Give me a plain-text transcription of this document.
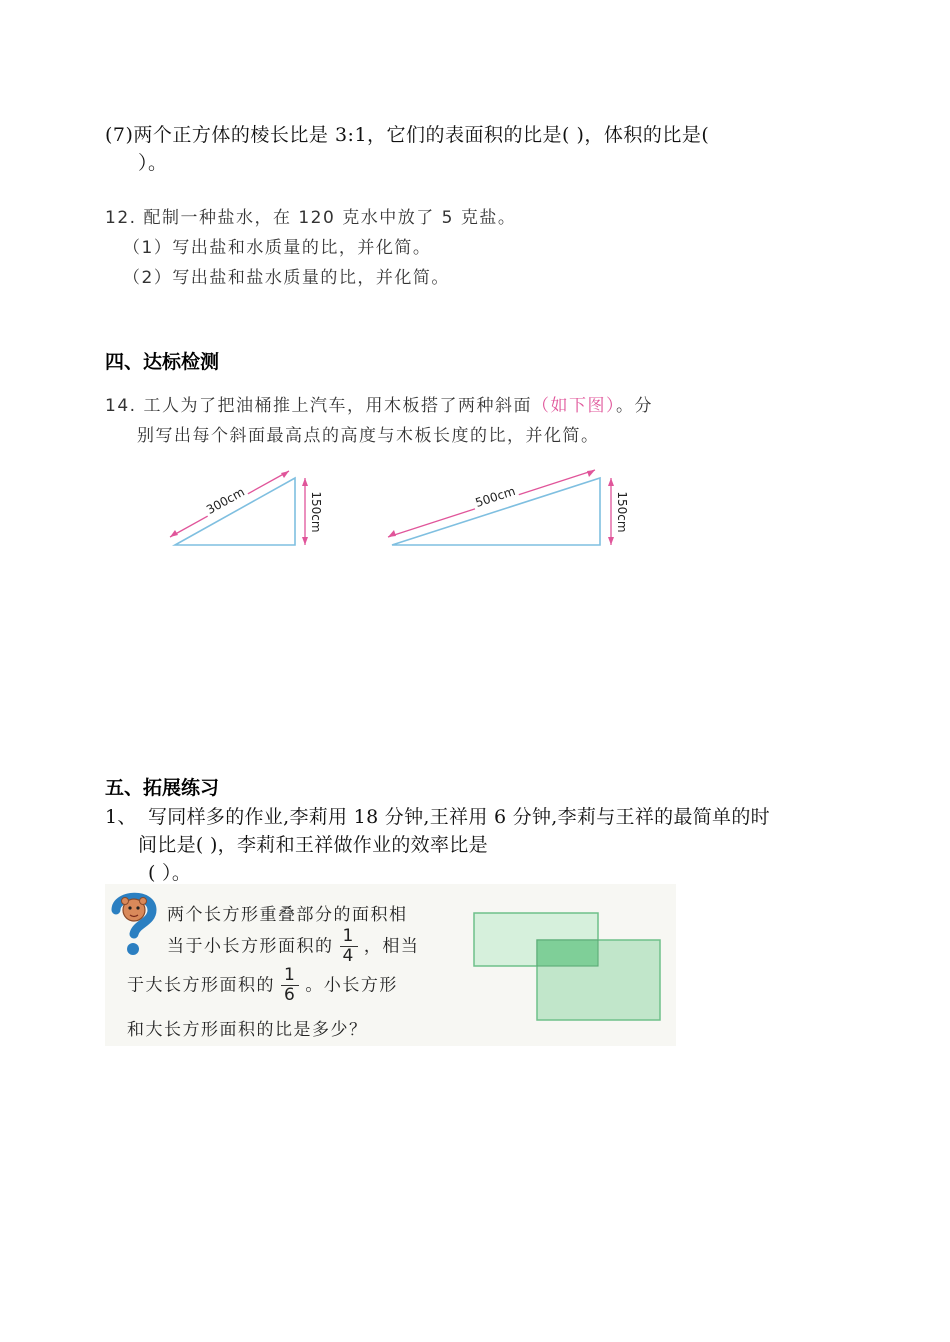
(7)两个正方体的棱长比是 3:1，它们的表面积的比是( )，体积的比是(
）。
12. 配制一种盐水，在 120 克水中放了 5 克盐。
（1）写出盐和水质量的比，并化简。
（2）写出盐和盐水质量的比，并化简。
四、达标检测
14. 工人为了把油桶推上汽车，用木板搭了两种斜面（如下图）。分
别写出每个斜面最高点的高度与木板长度的比，并化简。
300cm	150cm	500cm	150cm
五、拓展练习
1、 写同样多的作业,李莉用 18 分钟,王祥用 6 分钟,李莉与王祥的最简单的时
间比是( )，李莉和王祥做作业的效率比是
( ）。
两个长方形重叠部分的面积相
当于小长方形面积的 $\frac{1}{4}$ ，相当
于大长方形面积的 $\frac{1}{6}$ 。小长方形
和大长方形面积的比是多少？
